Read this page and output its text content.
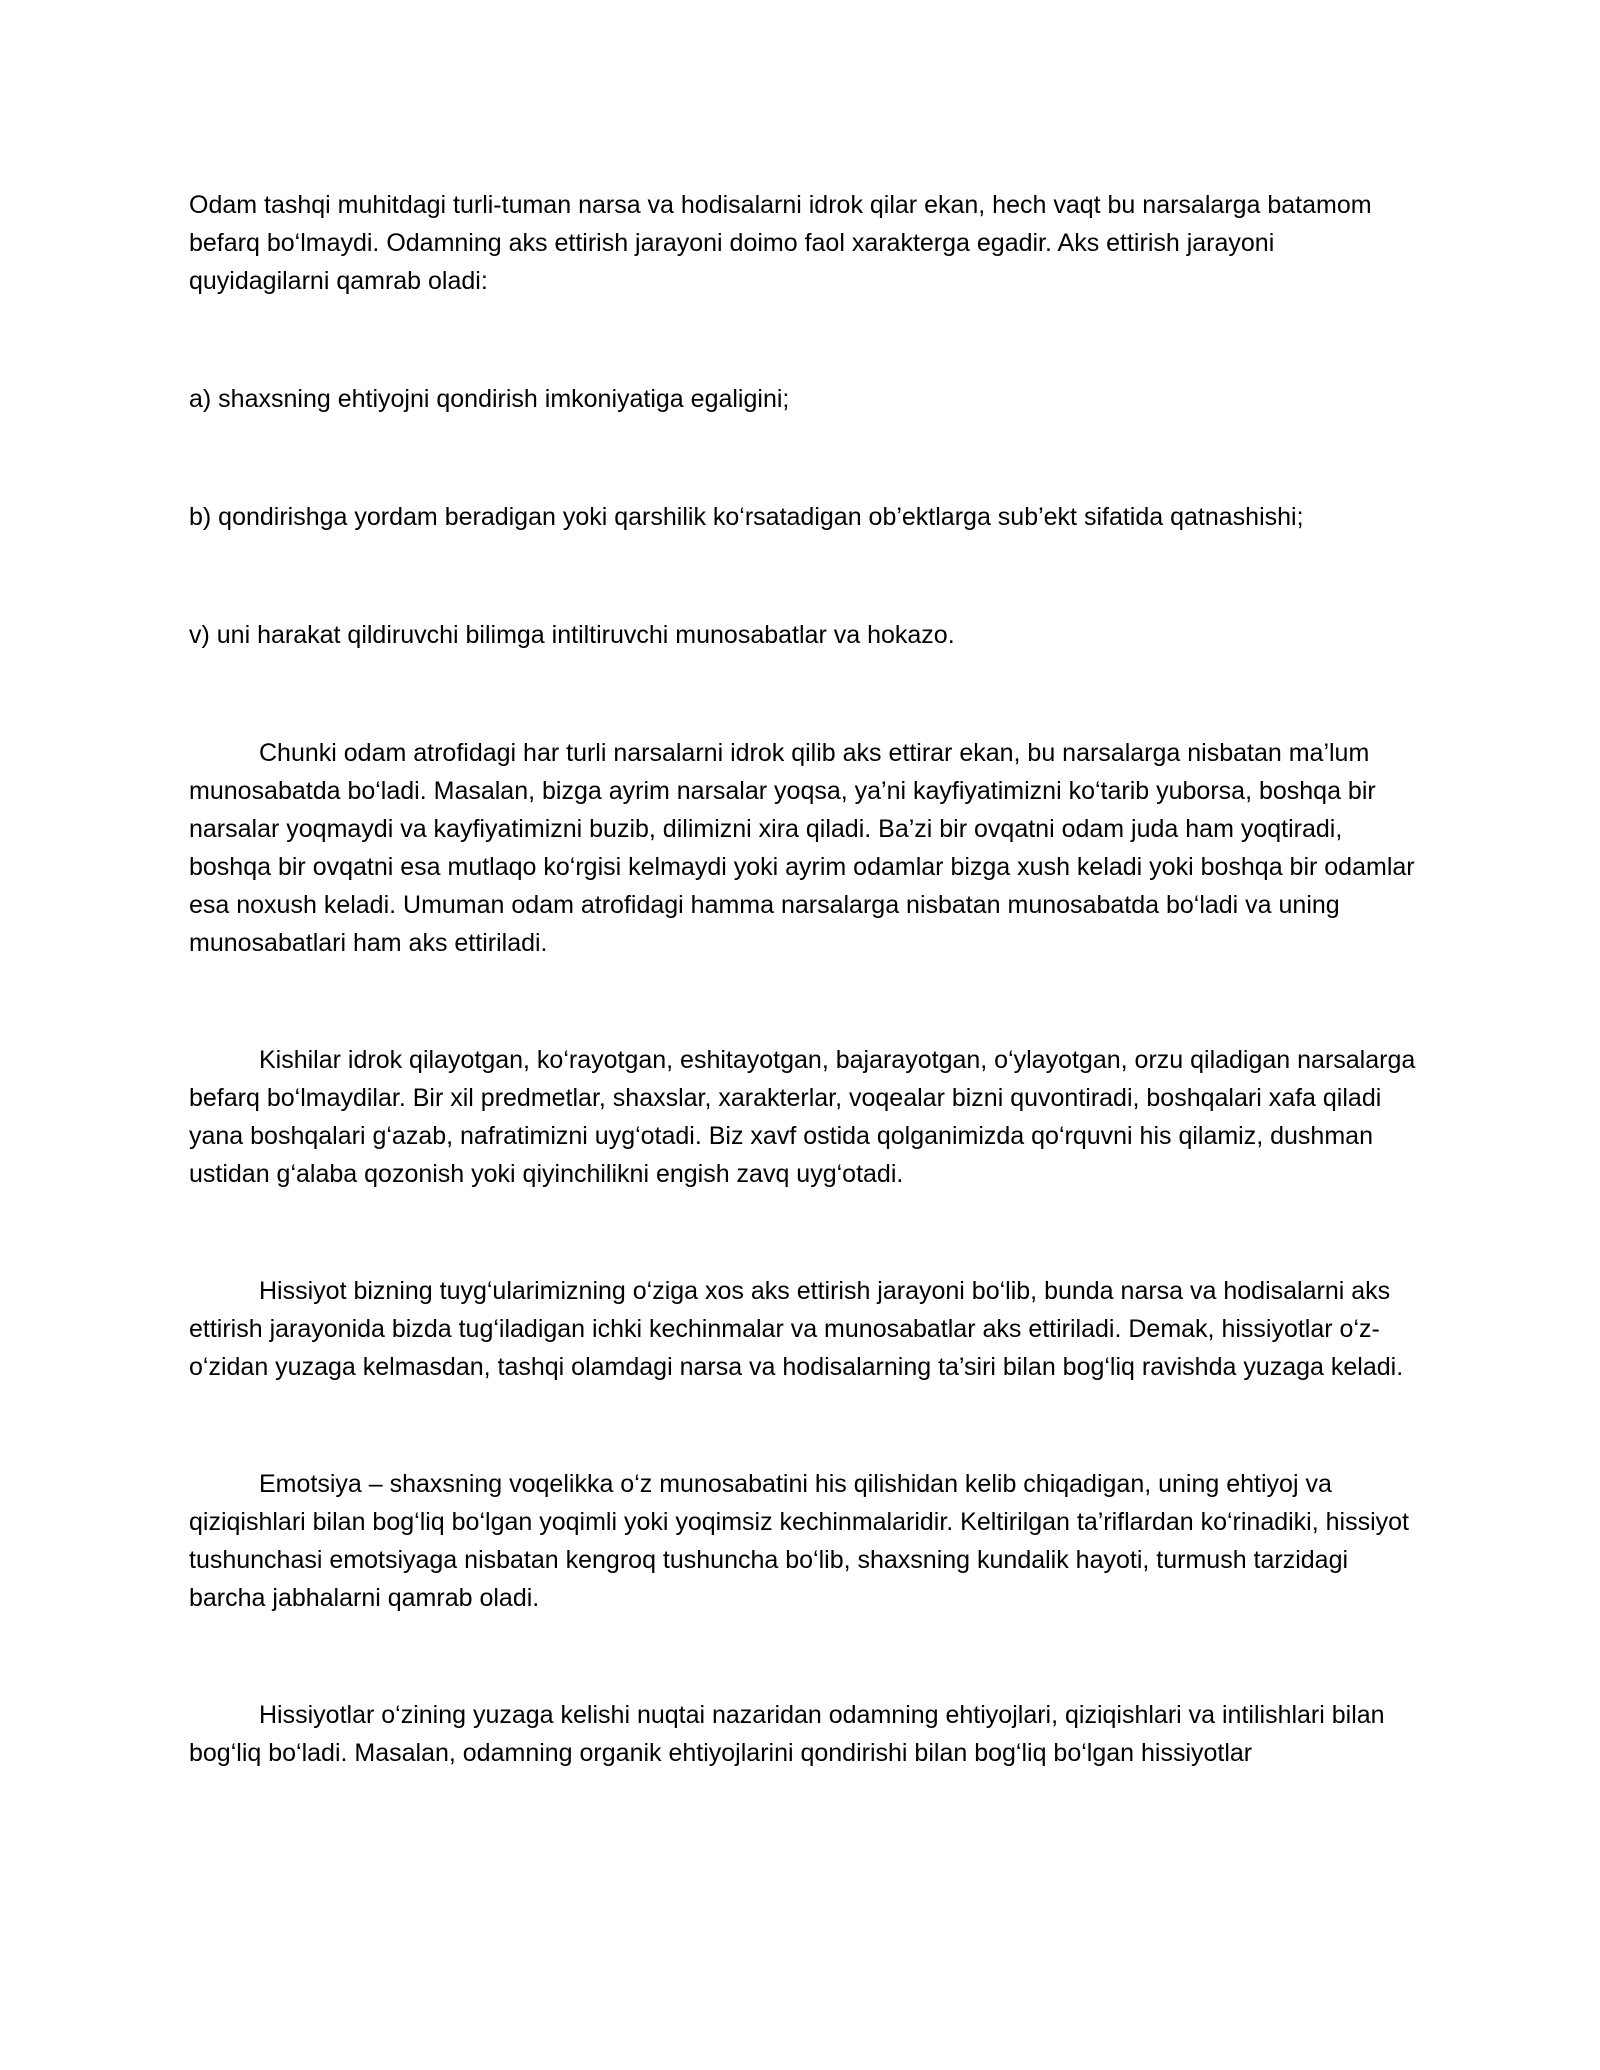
Odam tashqi muhitdagi turli-tuman narsa va hodisalarni idrok qilar ekan, hech vaqt bu narsalarga batamom befarq bo‘lmaydi. Odamning aks ettirish jarayoni doimo faol xarakterga egadir. Aks ettirish jarayoni quyidagilarni qamrab oladi:

a) shaxsning ehtiyojni qondirish imkoniyatiga egaligini;

b) qondirishga yordam beradigan yoki qarshilik ko‘rsatadigan ob’ektlarga sub’ekt sifatida qatnashishi;

v) uni harakat qildiruvchi bilimga intiltiruvchi munosabatlar va hokazo.

Chunki odam atrofidagi har turli narsalarni idrok qilib aks ettirar ekan, bu narsalarga nisbatan ma’lum munosabatda bo‘ladi. Masalan, bizga ayrim narsalar yoqsa, ya’ni kayfiyatimizni ko‘tarib yuborsa, boshqa bir narsalar yoqmaydi va kayfiyatimizni buzib, dilimizni xira qiladi. Ba’zi bir ovqatni odam juda ham yoqtiradi, boshqa bir ovqatni esa mutlaqo ko‘rgisi kelmaydi yoki ayrim odamlar bizga xush keladi yoki boshqa bir odamlar esa noxush keladi. Umuman odam atrofidagi hamma narsalarga nisbatan munosabatda bo‘ladi va uning munosabatlari ham aks ettiriladi.

Kishilar idrok qilayotgan, ko‘rayotgan, eshitayotgan, bajarayotgan, o‘ylayotgan, orzu qiladigan narsalarga befarq bo‘lmaydilar. Bir xil predmetlar, shaxslar, xarakterlar, voqealar bizni quvontiradi, boshqalari xafa qiladi yana boshqalari g‘azab, nafratimizni uyg‘otadi. Biz xavf ostida qolganimizda qo‘rquvni his qilamiz, dushman ustidan g‘alaba qozonish yoki qiyinchilikni engish zavq uyg‘otadi.

Hissiyot bizning tuyg‘ularimizning o‘ziga xos aks ettirish jarayoni bo‘lib, bunda narsa va hodisalarni aks ettirish jarayonida bizda tug‘iladigan ichki kechinmalar va munosabatlar aks ettiriladi. Demak, hissiyotlar o‘z- o‘zidan yuzaga kelmasdan, tashqi olamdagi narsa va hodisalarning ta’siri bilan bog‘liq ravishda yuzaga keladi.

Emotsiya – shaxsning voqelikka o‘z munosabatini his qilishidan kelib chiqadigan, uning ehtiyoj va qiziqishlari bilan bog‘liq bo‘lgan yoqimli yoki yoqimsiz kechinmalaridir. Keltirilgan ta’riflardan ko‘rinadiki, hissiyot tushunchasi emotsiyaga nisbatan kengroq tushuncha bo‘lib, shaxsning kundalik hayoti, turmush tarzidagi barcha jabhalarni qamrab oladi.

Hissiyotlar o‘zining yuzaga kelishi nuqtai nazaridan odamning ehtiyojlari, qiziqishlari va intilishlari bilan bog‘liq bo‘ladi. Masalan, odamning organik ehtiyojlarini qondirishi bilan bog‘liq bo‘lgan hissiyotlar
